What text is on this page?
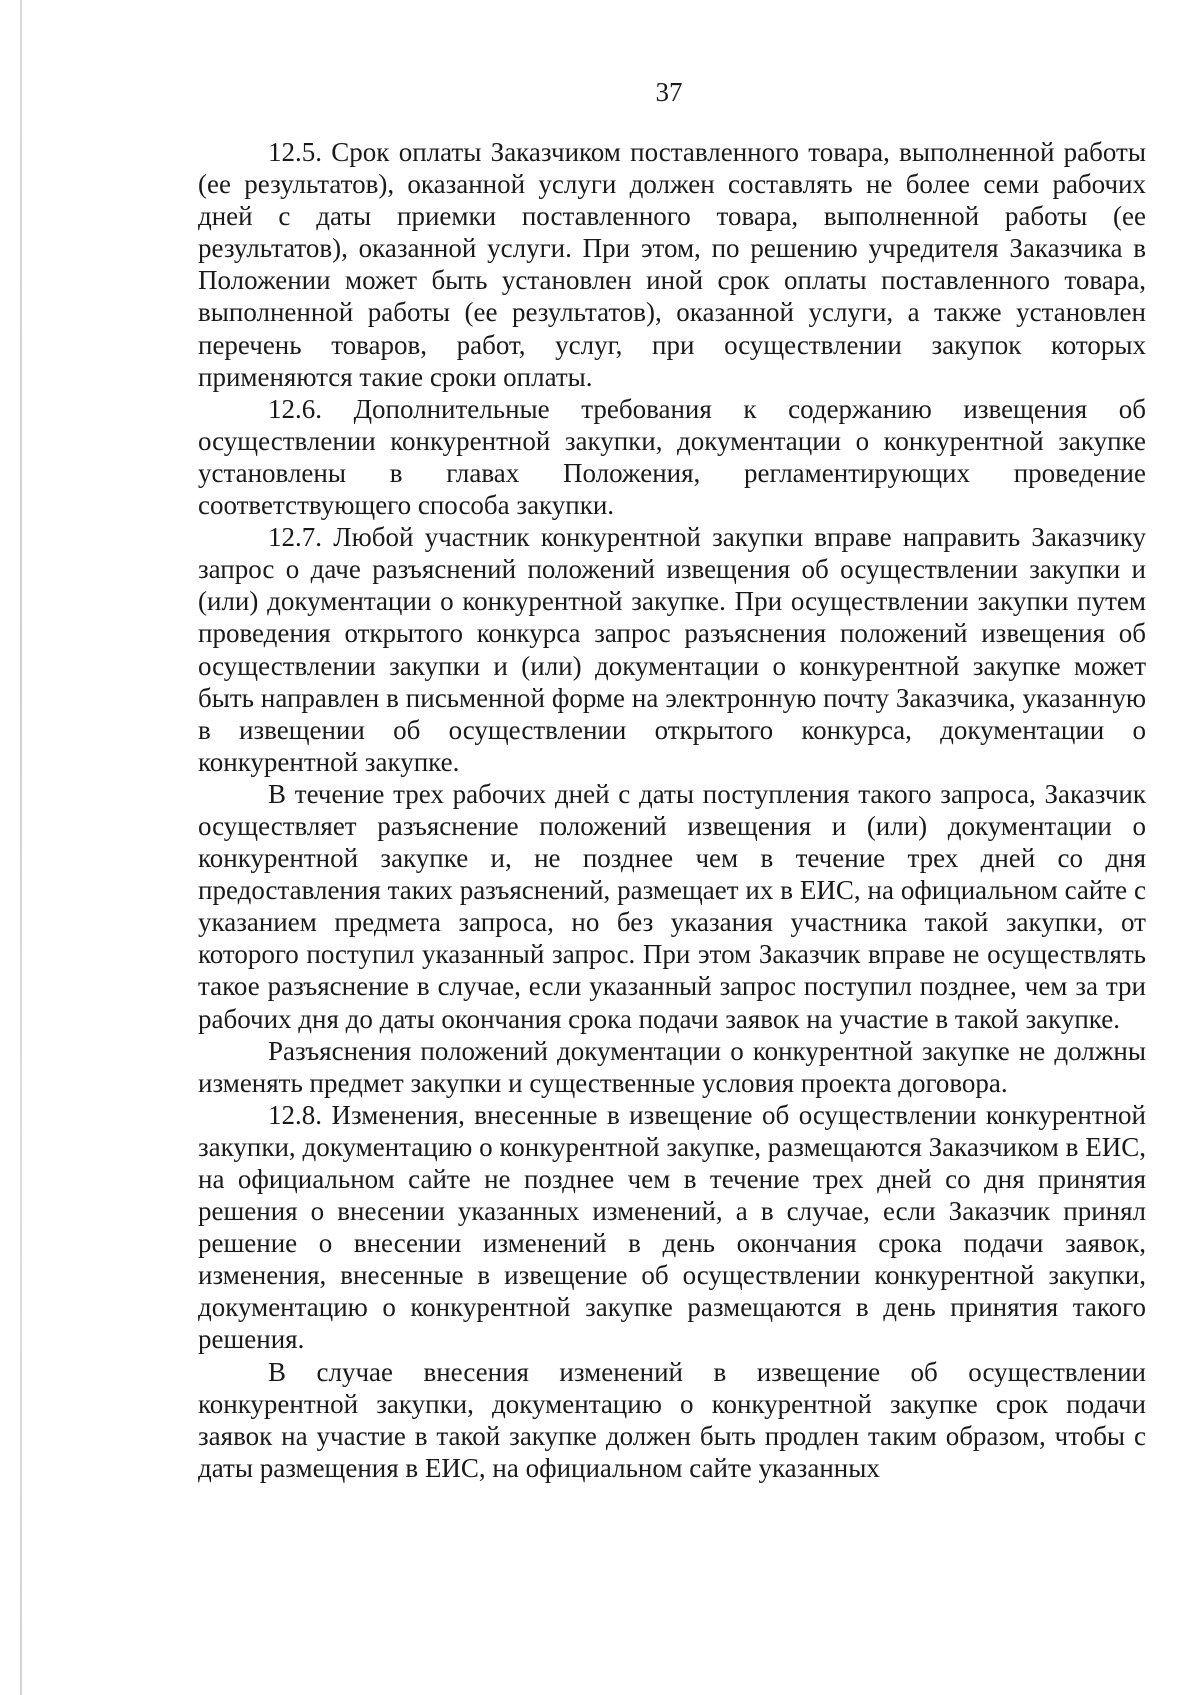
37

12.5. Срок оплаты Заказчиком поставленного товара, выполненной работы (ее результатов), оказанной услуги должен составлять не более семи рабочих дней с даты приемки поставленного товара, выполненной работы (ее результатов), оказанной услуги. При этом, по решению учредителя Заказчика в Положении может быть установлен иной срок оплаты поставленного товара, выполненной работы (ее результатов), оказанной услуги, а также установлен перечень товаров, работ, услуг, при осуществлении закупок которых применяются такие сроки оплаты.

12.6. Дополнительные требования к содержанию извещения об осуществлении конкурентной закупки, документации о конкурентной закупке установлены в главах Положения, регламентирующих проведение соответствующего способа закупки.

12.7. Любой участник конкурентной закупки вправе направить Заказчику запрос о даче разъяснений положений извещения об осуществлении закупки и (или) документации о конкурентной закупке. При осуществлении закупки путем проведения открытого конкурса запрос разъяснения положений извещения об осуществлении закупки и (или) документации о конкурентной закупке может быть направлен в письменной форме на электронную почту Заказчика, указанную в извещении об осуществлении открытого конкурса, документации о конкурентной закупке.

В течение трех рабочих дней с даты поступления такого запроса, Заказчик осуществляет разъяснение положений извещения и (или) документации о конкурентной закупке и, не позднее чем в течение трех дней со дня предоставления таких разъяснений, размещает их в ЕИС, на официальном сайте с указанием предмета запроса, но без указания участника такой закупки, от которого поступил указанный запрос. При этом Заказчик вправе не осуществлять такое разъяснение в случае, если указанный запрос поступил позднее, чем за три рабочих дня до даты окончания срока подачи заявок на участие в такой закупке.

Разъяснения положений документации о конкурентной закупке не должны изменять предмет закупки и существенные условия проекта договора.

12.8. Изменения, внесенные в извещение об осуществлении конкурентной закупки, документацию о конкурентной закупке, размещаются Заказчиком в ЕИС, на официальном сайте не позднее чем в течение трех дней со дня принятия решения о внесении указанных изменений, а в случае, если Заказчик принял решение о внесении изменений в день окончания срока подачи заявок, изменения, внесенные в извещение об осуществлении конкурентной закупки, документацию о конкурентной закупке размещаются в день принятия такого решения.

В случае внесения изменений в извещение об осуществлении конкурентной закупки, документацию о конкурентной закупке срок подачи заявок на участие в такой закупке должен быть продлен таким образом, чтобы с даты размещения в ЕИС, на официальном сайте указанных
